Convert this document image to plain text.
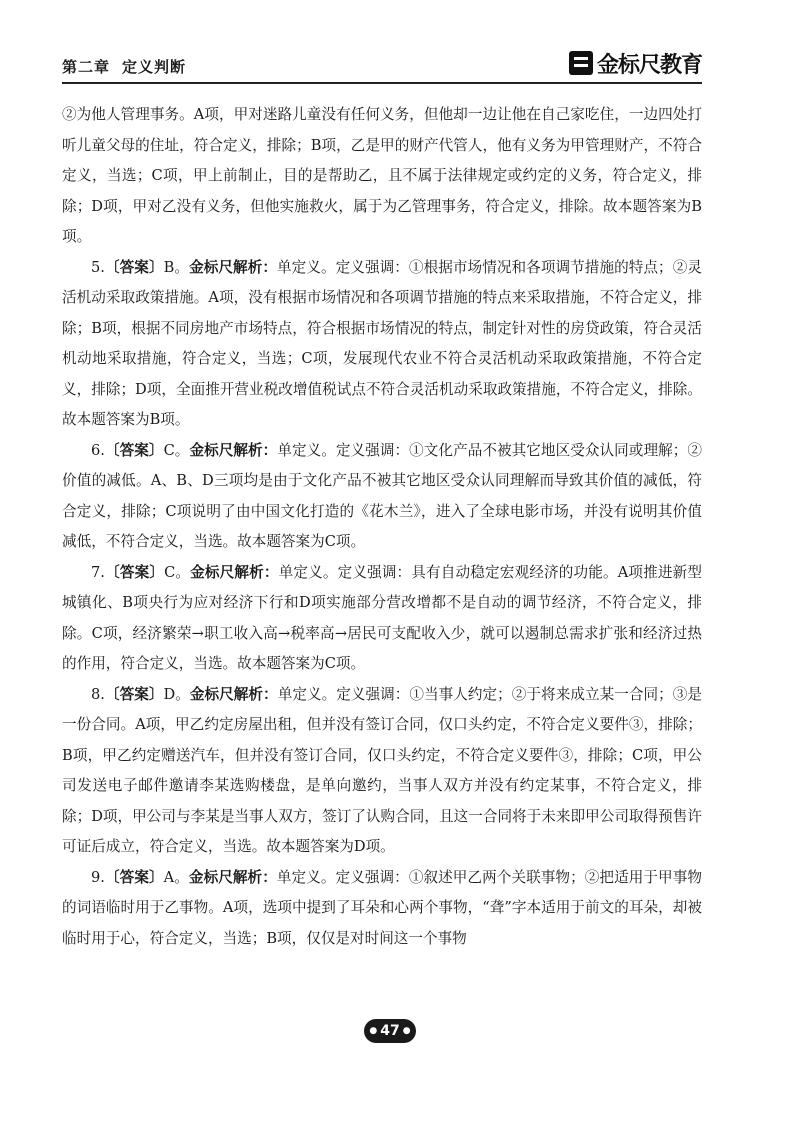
第二章 定义判断	金标尺教育

②为他人管理事务。A项，甲对迷路儿童没有任何义务，但他却一边让他在自己家吃住，一边四处打听儿童父母的住址，符合定义，排除；B项，乙是甲的财产代管人，他有义务为甲管理财产，不符合定义，当选；C项，甲上前制止，目的是帮助乙，且不属于法律规定或约定的义务，符合定义，排除；D项，甲对乙没有义务，但他实施救火，属于为乙管理事务，符合定义，排除。故本题答案为B项。

5.〔答案〕B。金标尺解析：单定义。定义强调：①根据市场情况和各项调节措施的特点；②灵活机动采取政策措施。A项，没有根据市场情况和各项调节措施的特点来采取措施，不符合定义，排除；B项，根据不同房地产市场特点，符合根据市场情况的特点，制定针对性的房贷政策，符合灵活机动地采取措施，符合定义，当选；C项，发展现代农业不符合灵活机动采取政策措施，不符合定义，排除；D项，全面推开营业税改增值税试点不符合灵活机动采取政策措施，不符合定义，排除。故本题答案为B项。

6.〔答案〕C。金标尺解析：单定义。定义强调：①文化产品不被其它地区受众认同或理解；②价值的减低。A、B、D三项均是由于文化产品不被其它地区受众认同理解而导致其价值的减低，符合定义，排除；C项说明了由中国文化打造的《花木兰》，进入了全球电影市场，并没有说明其价值减低，不符合定义，当选。故本题答案为C项。

7.〔答案〕C。金标尺解析：单定义。定义强调：具有自动稳定宏观经济的功能。A项推进新型城镇化、B项央行为应对经济下行和D项实施部分营改增都不是自动的调节经济，不符合定义，排除。C项，经济繁荣→职工收入高→税率高→居民可支配收入少，就可以遏制总需求扩张和经济过热的作用，符合定义，当选。故本题答案为C项。

8.〔答案〕D。金标尺解析：单定义。定义强调：①当事人约定；②于将来成立某一合同；③是一份合同。A项，甲乙约定房屋出租，但并没有签订合同，仅口头约定，不符合定义要件③，排除；B项，甲乙约定赠送汽车，但并没有签订合同，仅口头约定，不符合定义要件③，排除；C项，甲公司发送电子邮件邀请李某选购楼盘，是单向邀约，当事人双方并没有约定某事，不符合定义，排除；D项，甲公司与李某是当事人双方，签订了认购合同，且这一合同将于未来即甲公司取得预售许可证后成立，符合定义，当选。故本题答案为D项。

9.〔答案〕A。金标尺解析：单定义。定义强调：①叙述甲乙两个关联事物；②把适用于甲事物的词语临时用于乙事物。A项，选项中提到了耳朵和心两个事物，“聋”字本适用于前文的耳朵，却被临时用于心，符合定义，当选；B项，仅仅是对时间这一个事物

● 47 ●
